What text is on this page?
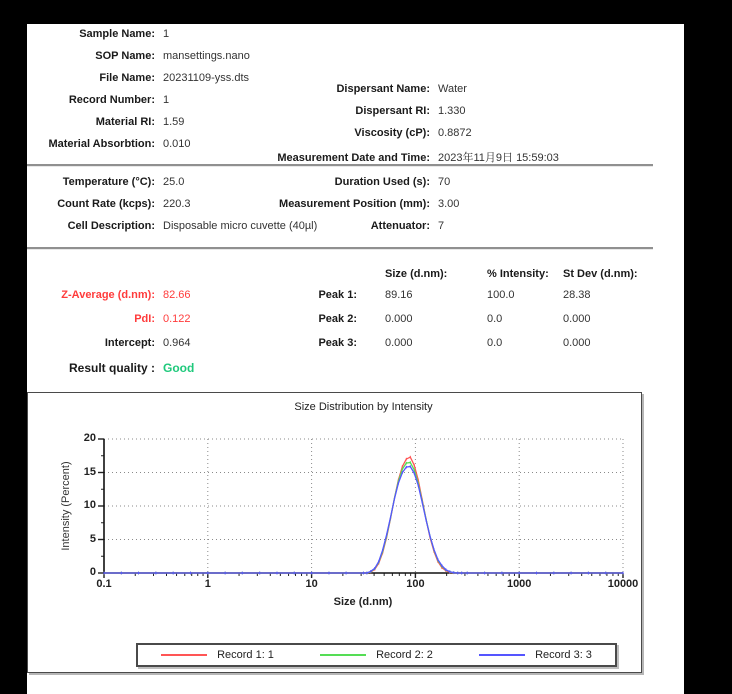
Sample Name: 1
SOP Name: mansettings.nano
File Name: 20231109-yss.dts
Record Number: 1
Material RI: 1.59
Material Absorbtion: 0.010
Dispersant Name: Water
Dispersant RI: 1.330
Viscosity (cP): 0.8872
Measurement Date and Time: 2023年11月9日 15:59:03
Temperature (°C): 25.0
Count Rate (kcps): 220.3
Cell Description: Disposable micro cuvette (40µl)
Duration Used (s): 70
Measurement Position (mm): 3.00
Attenuator: 7
Size (d.nm):	% Intensity: St Dev (d.nm):
Z-Average (d.nm): 82.66
PdI: 0.122
Intercept: 0.964
Result quality : Good
Peak 1:	89.16	100.0	28.38
Peak 2:	0.000	0.0	0.000
Peak 3:	0.000	0.0	0.000
Size Distribution by Intensity
Intensity (Percent)
Size (d.nm)
Record 1: 1	Record 2: 2	Record 3: 3
0.1	1	10	100	1000	10000
0
5
10
15
20
